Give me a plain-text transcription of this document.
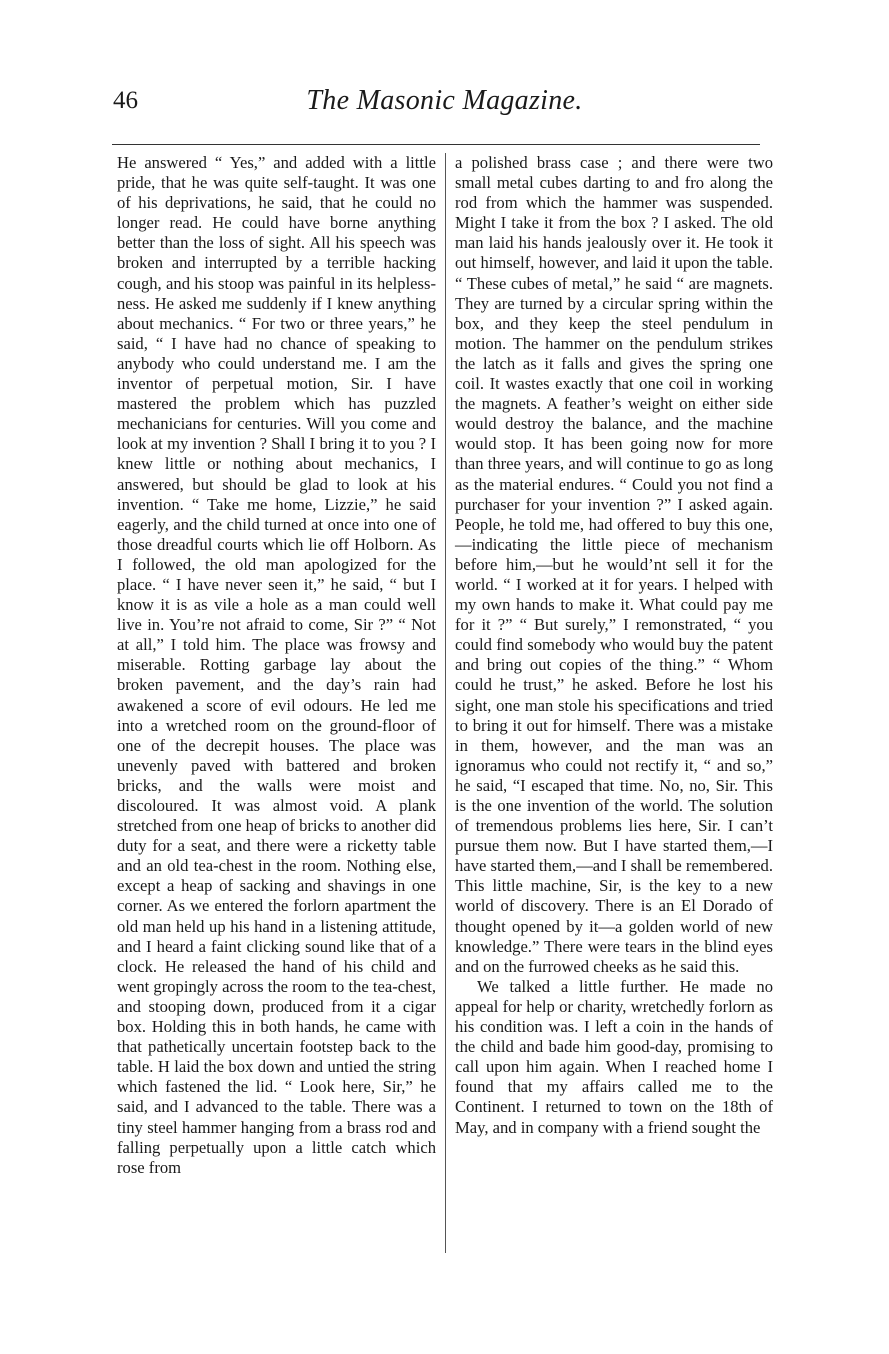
46	The Masonic Magazine.

He answered “ Yes,” and added with a little pride, that he was quite self-taught. It was one of his deprivations, he said, that he could no longer read. He could have borne anything better than the loss of sight. All his speech was broken and interrupted by a terrible hacking cough, and his stoop was painful in its helplessness. He asked me suddenly if I knew anything about mechanics. “ For two or three years,” he said, “ I have had no chance of speaking to anybody who could understand me. I am the inventor of perpetual motion, Sir. I have mastered the problem which has puzzled mechanicians for centuries. Will you come and look at my invention ? Shall I bring it to you ? I knew little or nothing about mechanics, I answered, but should be glad to look at his invention. “ Take me home, Lizzie,” he said eagerly, and the child turned at once into one of those dreadful courts which lie off Holborn. As I followed, the old man apologized for the place. “ I have never seen it,” he said, “ but I know it is as vile a hole as a man could well live in. You’re not afraid to come, Sir ?” “ Not at all,” I told him. The place was frowsy and miserable. Rotting garbage lay about the broken pavement, and the day’s rain had awakened a score of evil odours. He led me into a wretched room on the ground-floor of one of the decrepit houses. The place was unevenly paved with battered and broken bricks, and the walls were moist and discoloured. It was almost void. A plank stretched from one heap of bricks to another did duty for a seat, and there were a ricketty table and an old tea-chest in the room. Nothing else, except a heap of sacking and shavings in one corner. As we entered the forlorn apartment the old man held up his hand in a listening attitude, and I heard a faint clicking sound like that of a clock. He released the hand of his child and went gropingly across the room to the tea-chest, and stooping down, produced from it a cigar box. Holding this in both hands, he came with that pathetically uncertain footstep back to the table. H laid the box down and untied the string which fastened the lid. “ Look here, Sir,” he said, and I advanced to the table. There was a tiny steel hammer hanging from a brass rod and falling perpetually upon a little catch which rose from

a polished brass case ; and there were two small metal cubes darting to and fro along the rod from which the hammer was suspended. Might I take it from the box ? I asked. The old man laid his hands jealously over it. He took it out himself, however, and laid it upon the table. “ These cubes of metal,” he said “ are magnets. They are turned by a circular spring within the box, and they keep the steel pendulum in motion. The hammer on the pendulum strikes the latch as it falls and gives the spring one coil. It wastes exactly that one coil in working the magnets. A feather’s weight on either side would destroy the balance, and the machine would stop. It has been going now for more than three years, and will continue to go as long as the material endures. “ Could you not find a purchaser for your invention ?” I asked again. People, he told me, had offered to buy this one,—indicating the little piece of mechanism before him,—but he would’nt sell it for the world. “ I worked at it for years. I helped with my own hands to make it. What could pay me for it ?” “ But surely,” I remonstrated, “ you could find somebody who would buy the patent and bring out copies of the thing.” “ Whom could he trust,” he asked. Before he lost his sight, one man stole his specifications and tried to bring it out for himself. There was a mistake in them, however, and the man was an ignoramus who could not rectify it, “ and so,” he said, “I escaped that time. No, no, Sir. This is the one invention of the world. The solution of tremendous problems lies here, Sir. I can’t pursue them now. But I have started them,—I have started them,—and I shall be remembered. This little machine, Sir, is the key to a new world of discovery. There is an El Dorado of thought opened by it—a golden world of new knowledge.” There were tears in the blind eyes and on the furrowed cheeks as he said this.

We talked a little further. He made no appeal for help or charity, wretchedly forlorn as his condition was. I left a coin in the hands of the child and bade him good-day, promising to call upon him again. When I reached home I found that my affairs called me to the Continent. I returned to town on the 18th of May, and in company with a friend sought the
